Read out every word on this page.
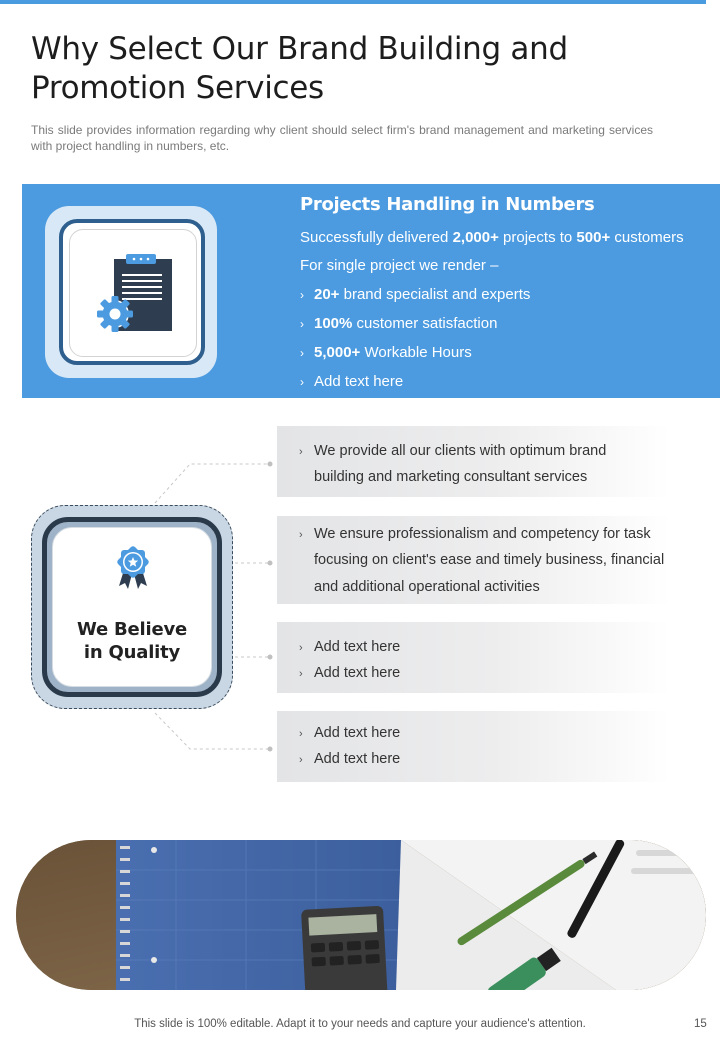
Why Select Our Brand Building and
Promotion Services

This slide provides information regarding why client should select firm's brand management and marketing services with project handling in numbers, etc.

Projects Handling in Numbers
Successfully delivered 2,000+ projects to 500+ customers
For single project we render –
› 20+ brand specialist and experts
› 100% customer satisfaction
› 5,000+ Workable Hours
› Add text here
We Believe
in Quality
› We provide all our clients with optimum brand
building and marketing consultant services
› We ensure professionalism and competency for task
focusing on client's ease and timely business, financial
and additional operational activities
› Add text here
› Add text here
› Add text here
› Add text here
This slide is 100% editable. Adapt it to your needs and capture your audience's attention.	15
